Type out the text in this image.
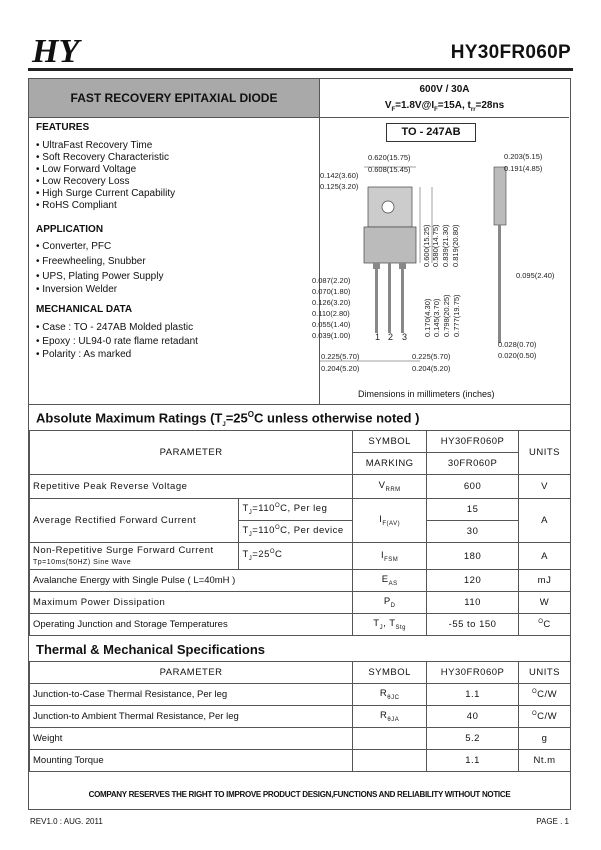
HY	HY30FR060P
FAST RECOVERY EPITAXIAL DIODE
600V / 30A
$V_F=1.8V@I_F=15A$, $t_{rr}=28ns$
FEATURES
• UltraFast Recovery Time
• Soft Recovery Characteristic
• Low Forward Voltage
• Low Recovery Loss
• High Surge Current Capability
• RoHS Compliant
APPLICATION
• Converter, PFC
• Freewheeling, Snubber
• UPS, Plating Power Supply
• Inversion Welder
MECHANICAL DATA
• Case : TO - 247AB Molded plastic
• Epoxy : UL94-0 rate flame retadant
• Polarity : As marked
TO - 247AB
1 2 3
0.620(15.75)
0.608(15.45)
0.142(3.60)
0.125(3.20)
0.600(15.25) 0.580(14.75) 0.839(21.30) 0.819(20.80)
0.170(4.30) 0.145(3.70) 0.798(20.25) 0.777(19.75)
0.087(2.20)
0.070(1.80)
0.126(3.20)
0.110(2.80)
0.055(1.40)
0.039(1.00)
0.225(5.70)
0.204(5.20)
0.225(5.70)
0.204(5.20)
0.203(5.15)
0.191(4.85)
0.095(2.40)
0.028(0.70)
0.020(0.50)
Dimensions in millimeters (inches)
Absolute Maximum Ratings ($T_J=25^OC$ unless otherwise noted )
PARAMETER		SYMBOL	HY30FR060P	UNITS
		MARKING	30FR060P	
Repetitive Peak Reverse Voltage		$V_{RRM}$	600	V
Average Rectified Forward Current	$T_J=110^OC$, Per leg	$I_{F(AV)}$	15	A
	$T_J=110^OC$, Per device		30	
Non-Repetitive Surge Forward Current
Tp=10ms(50HZ) Sine Wave	$T_J=25^OC$	$I_{FSM}$	180	A
Avalanche Energy with Single Pulse ( L=40mH )		$E_{AS}$	120	mJ
Maximum Power Dissipation		$P_D$	110	W
Operating Junction and Storage Temperatures		$T_J$, $T_{Stg}$	-55 to 150	$^O$C
Thermal & Mechanical Specifications
PARAMETER	SYMBOL	HY30FR060P	UNITS
Junction-to-Case Thermal Resistance, Per leg	$R_{\theta JC}$	1.1	$^O$C/W
Junction-to Ambient Thermal Resistance, Per leg	$R_{\theta JA}$	40	$^O$C/W
Weight		5.2	g
Mounting Torque		1.1	Nt.m
COMPANY RESERVES THE RIGHT TO IMPROVE PRODUCT DESIGN,FUNCTIONS AND RELIABILITY WITHOUT NOTICE
REV1.0 : AUG. 2011	PAGE . 1
